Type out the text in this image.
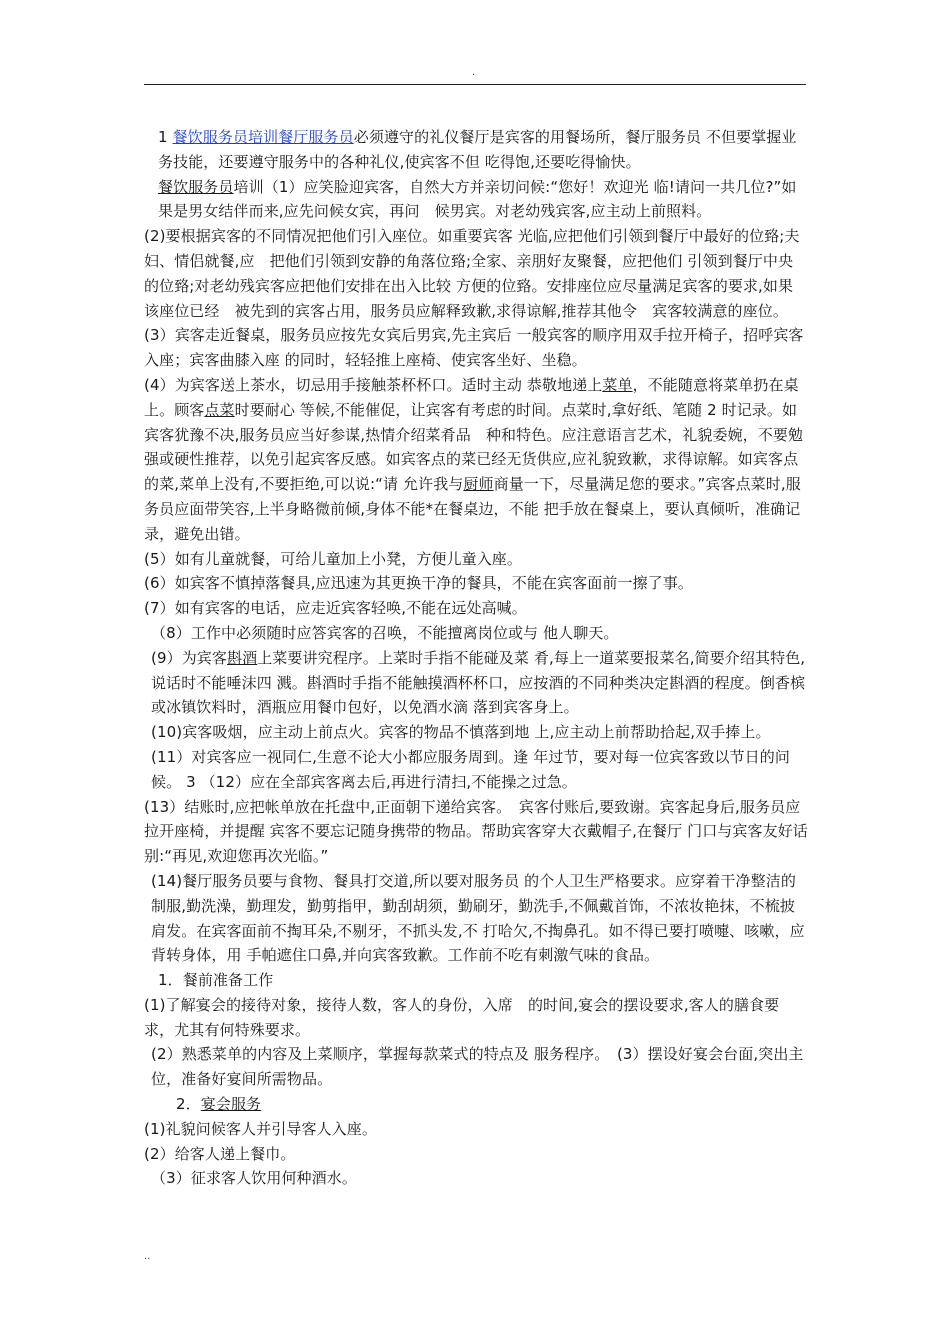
.

1 餐饮服务员培训餐厅服务员必须遵守的礼仪餐厅是宾客的用餐场所，餐厅服务员 不但要掌握业务技能，还要遵守服务中的各种礼仪,使宾客不但 吃得饱,还要吃得愉快。

餐饮服务员培训（1）应笑脸迎宾客，自然大方并亲切问候:“您好！欢迎光 临!请问一共几位?”如果是男女结伴而来,应先问候女宾，再问　候男宾。对老幼残宾客,应主动上前照料。

(2)要根据宾客的不同情况把他们引入座位。如重要宾客 光临,应把他们引领到餐厅中最好的位臵;夫妇、情侣就餐,应　把他们引领到安静的角落位臵;全家、亲朋好友聚餐，应把他们 引领到餐厅中央的位臵;对老幼残宾客应把他们安排在出入比较 方便的位臵。安排座位应尽量满足宾客的要求,如果该座位已经　被先到的宾客占用，服务员应解释致歉,求得谅解,推荐其他令　宾客较满意的座位。

(3）宾客走近餐桌，服务员应按先女宾后男宾,先主宾后 一般宾客的顺序用双手拉开椅子，招呼宾客入座；宾客曲膝入座 的同时，轻轻推上座椅、使宾客坐好、坐稳。

(4）为宾客送上茶水，切忌用手接触茶杯杯口。适时主动 恭敬地递上菜单，不能随意将菜单扔在桌上。顾客点菜时要耐心 等候,不能催促，让宾客有考虑的时间。点菜时,拿好纸、笔随 2 时记录。如宾客犹豫不决,服务员应当好参谋,热情介绍菜肴品　种和特色。应注意语言艺术，礼貌委婉，不要勉强或硬性推荐，以免引起宾客反感。如宾客点的菜已经无货供应,应礼貌致歉，求得谅解。如宾客点的菜,菜单上没有,不要拒绝,可以说:“请 允许我与厨师商量一下，尽量满足您的要求。”宾客点菜时,服 务员应面带笑容,上半身略微前倾,身体不能*在餐桌边，不能 把手放在餐桌上，要认真倾听，准确记录，避免出错。

(5）如有儿童就餐，可给儿童加上小凳，方便儿童入座。

(6）如宾客不慎掉落餐具,应迅速为其更换干净的餐具，不能在宾客面前一擦了事。

(7）如有宾客的电话，应走近宾客轻唤,不能在远处高喊。

（8）工作中必须随时应答宾客的召唤，不能擅离岗位或与 他人聊天。

(9）为宾客斟酒上菜要讲究程序。上菜时手指不能碰及菜 肴,每上一道菜要报菜名,简要介绍其特色,说话时不能唾沫四 溅。斟酒时手指不能触摸酒杯杯口，应按酒的不同种类决定斟酒的程度。倒香槟或冰镇饮料时，酒瓶应用餐巾包好，以免酒水滴 落到宾客身上。

(10)宾客吸烟，应主动上前点火。宾客的物品不慎落到地 上,应主动上前帮助拾起,双手捧上。

(11）对宾客应一视同仁,生意不论大小都应服务周到。逢 年过节，要对每一位宾客致以节日的问候。 3 （12）应在全部宾客离去后,再进行清扫,不能操之过急。

(13）结账时,应把帐单放在托盘中,正面朝下递给宾客。　宾客付账后,要致谢。宾客起身后,服务员应拉开座椅，并提醒 宾客不要忘记随身携带的物品。帮助宾客穿大衣戴帽子,在餐厅 门口与宾客友好话别:“再见,欢迎您再次光临。”

(14)餐厅服务员要与食物、餐具打交道,所以要对服务员 的个人卫生严格要求。应穿着干净整洁的制服,勤洗澡，勤理发，勤剪指甲，勤刮胡须，勤刷牙，勤洗手,不佩戴首饰，不浓妆艳抹，不梳披肩发。在宾客面前不掏耳朵,不剔牙，不抓头发,不 打哈欠,不掏鼻孔。如不得已要打喷嚏、咳嗽，应背转身体，用 手帕遮住口鼻,并向宾客致歉。工作前不吃有刺激气味的食品。

1．餐前准备工作

(1)了解宴会的接待对象，接待人数，客人的身份，入席　的时间,宴会的摆设要求,客人的膳食要求，尤其有何特殊要求。

(2）熟悉菜单的内容及上菜顺序，掌握每款菜式的特点及 服务程序。　(3）摆设好宴会台面,突出主位，准备好宴间所需物品。

2．宴会服务

(1)礼貌问候客人并引导客人入座。

(2）给客人递上餐巾。

（3）征求客人饮用何种酒水。

..
